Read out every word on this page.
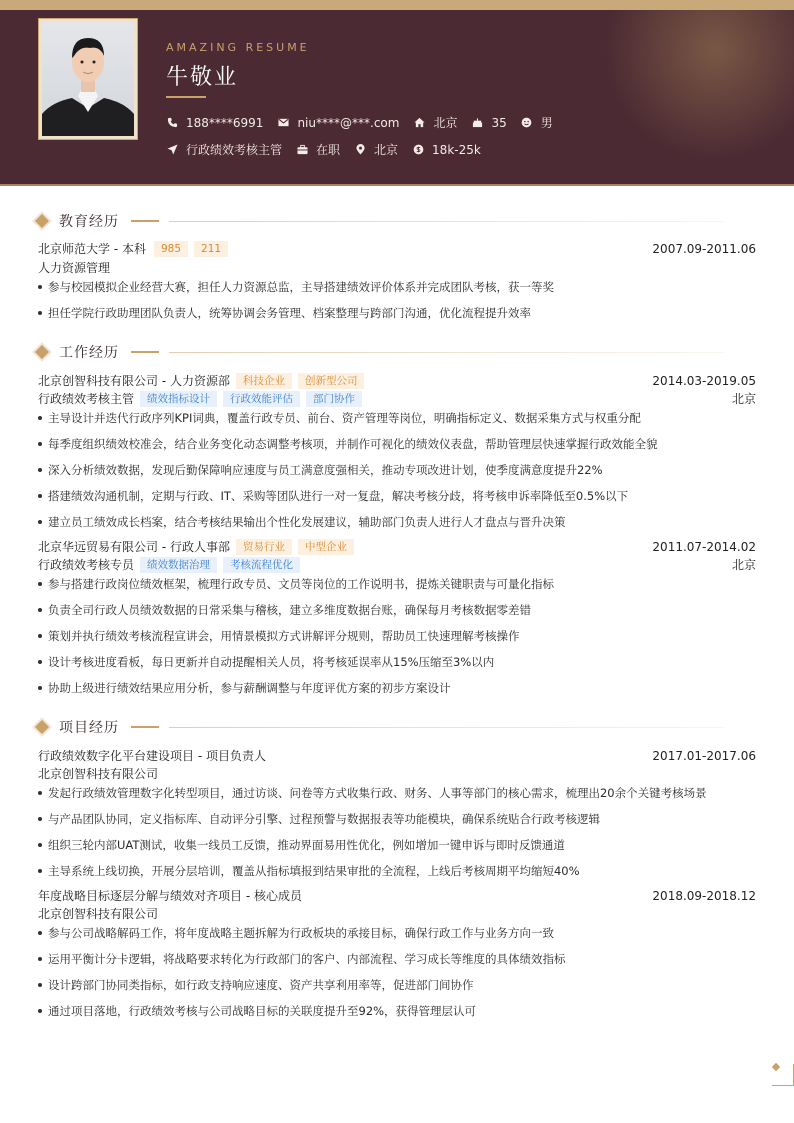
AMAZING RESUME
牛敬业
188****6991	niu****@***.com	北京	35	男
行政绩效考核主管	在职	北京	18k-25k
教育经历
北京师范大学 - 本科	985	211	2007.09-2011.06
人力资源管理
参与校园模拟企业经营大赛，担任人力资源总监，主导搭建绩效评价体系并完成团队考核，获一等奖
担任学院行政助理团队负责人，统筹协调会务管理、档案整理与跨部门沟通，优化流程提升效率
工作经历
北京创智科技有限公司 - 人力资源部	科技企业	创新型公司	2014.03-2019.05
行政绩效考核主管	绩效指标设计	行政效能评估	部门协作	北京
主导设计并迭代行政序列KPI词典，覆盖行政专员、前台、资产管理等岗位，明确指标定义、数据采集方式与权重分配
每季度组织绩效校准会，结合业务变化动态调整考核项，并制作可视化的绩效仪表盘，帮助管理层快速掌握行政效能全貌
深入分析绩效数据，发现后勤保障响应速度与员工满意度强相关，推动专项改进计划，使季度满意度提升22%
搭建绩效沟通机制，定期与行政、IT、采购等团队进行一对一复盘，解决考核分歧，将考核申诉率降低至0.5%以下
建立员工绩效成长档案，结合考核结果输出个性化发展建议，辅助部门负责人进行人才盘点与晋升决策
北京华远贸易有限公司 - 行政人事部	贸易行业	中型企业	2011.07-2014.02
行政绩效考核专员	绩效数据治理	考核流程优化	北京
参与搭建行政岗位绩效框架，梳理行政专员、文员等岗位的工作说明书，提炼关键职责与可量化指标
负责全司行政人员绩效数据的日常采集与稽核，建立多维度数据台账，确保每月考核数据零差错
策划并执行绩效考核流程宣讲会，用情景模拟方式讲解评分规则，帮助员工快速理解考核操作
设计考核进度看板，每日更新并自动提醒相关人员，将考核延误率从15%压缩至3%以内
协助上级进行绩效结果应用分析，参与薪酬调整与年度评优方案的初步方案设计
项目经历
行政绩效数字化平台建设项目 - 项目负责人	2017.01-2017.06
北京创智科技有限公司
发起行政绩效管理数字化转型项目，通过访谈、问卷等方式收集行政、财务、人事等部门的核心需求，梳理出20余个关键考核场景
与产品团队协同，定义指标库、自动评分引擎、过程预警与数据报表等功能模块，确保系统贴合行政考核逻辑
组织三轮内部UAT测试，收集一线员工反馈，推动界面易用性优化，例如增加一键申诉与即时反馈通道
主导系统上线切换，开展分层培训，覆盖从指标填报到结果审批的全流程，上线后考核周期平均缩短40%
年度战略目标逐层分解与绩效对齐项目 - 核心成员	2018.09-2018.12
北京创智科技有限公司
参与公司战略解码工作，将年度战略主题拆解为行政板块的承接目标，确保行政工作与业务方向一致
运用平衡计分卡逻辑，将战略要求转化为行政部门的客户、内部流程、学习成长等维度的具体绩效指标
设计跨部门协同类指标，如行政支持响应速度、资产共享利用率等，促进部门间协作
通过项目落地，行政绩效考核与公司战略目标的关联度提升至92%，获得管理层认可
